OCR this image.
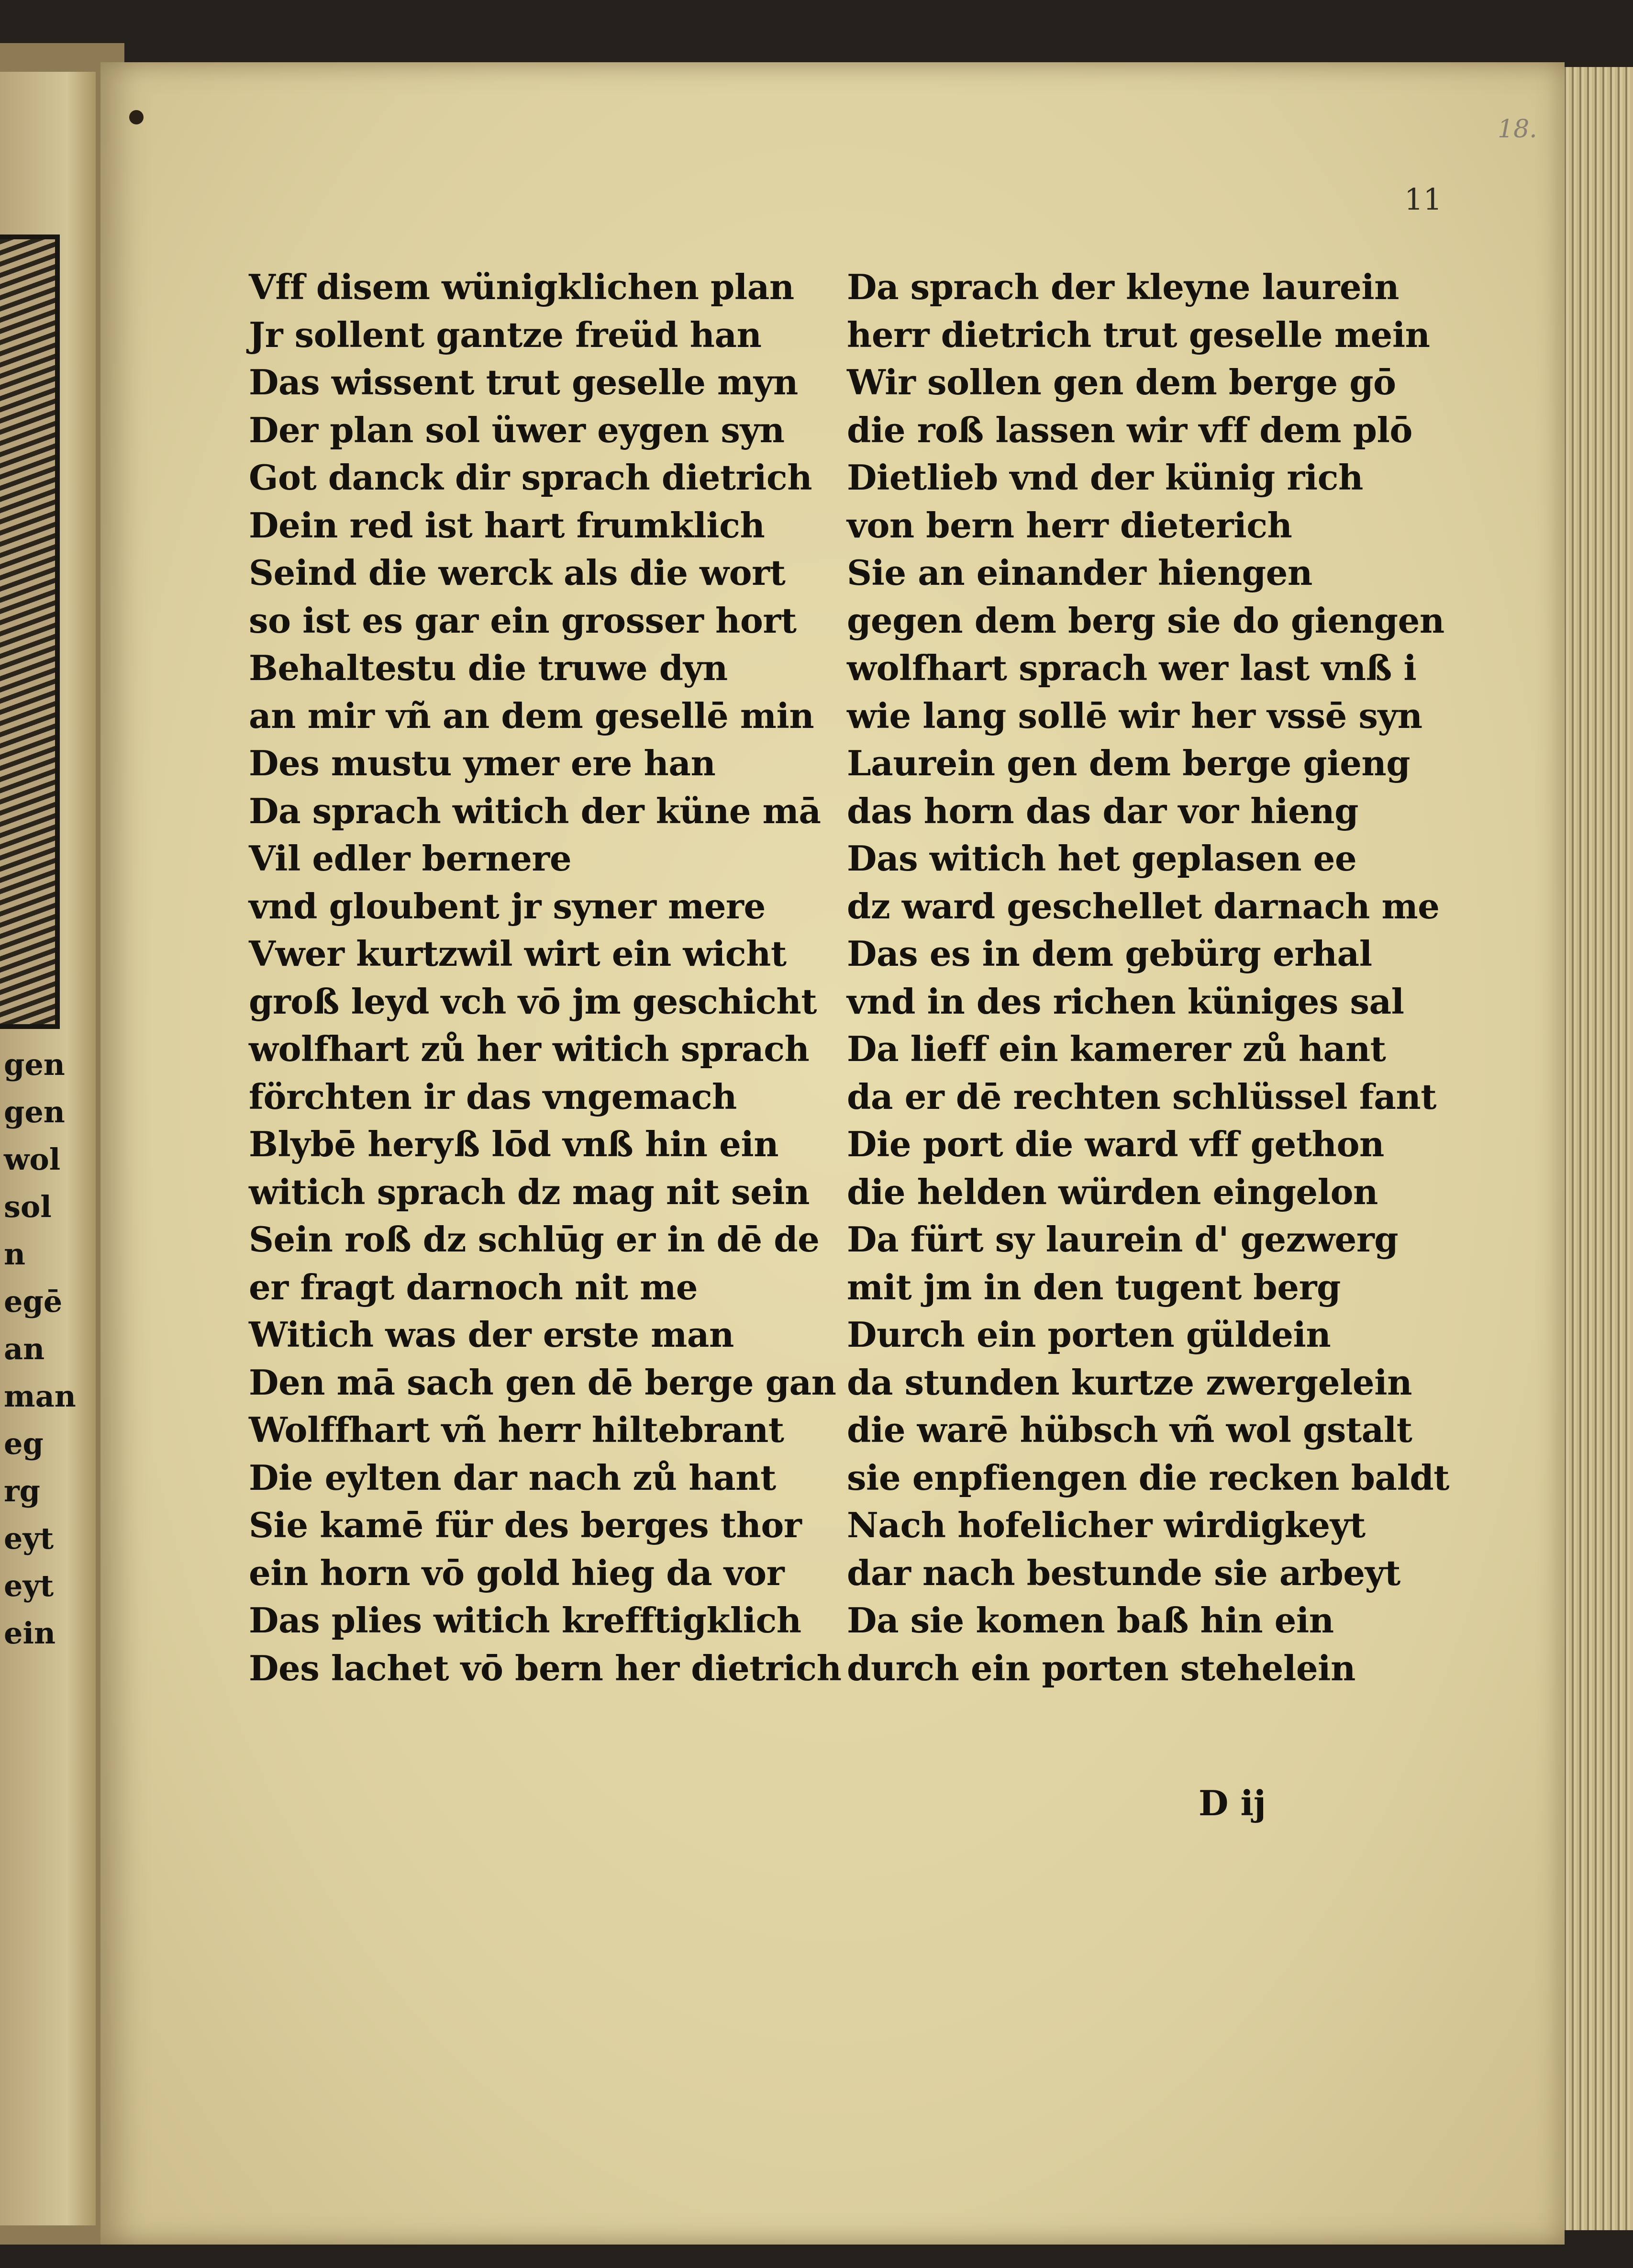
gen
gen
wol
sol
n
egē
an
man
eg
rg
eyt
eyt
ein
18.
11
Vff disem wünigklichen plan
Jr sollent gantze freüd han
Das wissent trut geselle myn
Der plan sol üwer eygen syn
Got danck dir sprach dietrich
Dein red ist hart frumklich
Seind die werck als die wort
so ist es gar ein grosser hort
Behaltestu die truwe dyn
an mir vñ an dem gesellē min
Des mustu ymer ere han
Da sprach witich der küne mā
Vil edler bernere
vnd gloubent jr syner mere
Vwer kurtzwil wirt ein wicht
groß leyd vch vō jm geschicht
wolfhart zů her witich sprach
förchten ir das vngemach
Blybē herуß lōd vnß hin ein
witich sprach dz mag nit sein
Sein roß dz schlūg er in dē de
er fragt darnoch nit me
Witich was der erste man
Den mā sach gen dē berge gan
Wolffhart vñ herr hiltebrant
Die eylten dar nach zů hant
Sie kamē für des berges thor
ein horn vō gold hieg da vor
Das plies witich krefftigklich
Des lachet vō bern her dietrich
Da sprach der kleyne laurein
herr dietrich trut geselle mein
Wir sollen gen dem berge gō
die roß lassen wir vff dem plō
Dietlieb vnd der künig rich
von bern herr dieterich
Sie an einander hiengen
gegen dem berg sie do giengen
wolfhart sprach wer last vnß i
wie lang sollē wir her vssē syn
Laurein gen dem berge gieng
das horn das dar vor hieng
Das witich het geplasen ee
dz ward geschellet darnach me
Das es in dem gebürg erhal
vnd in des richen küniges sal
Da lieff ein kamerer zů hant
da er dē rechten schlüssel fant
Die port die ward vff gethon
die helden würden eingelon
Da fürt sy laurein d' gezwerg
mit jm in den tugent berg
Durch ein porten güldein
da stunden kurtze zwergelein
die warē hübsch vñ wol gstalt
sie enpfiengen die recken baldt
Nach hofelicher wirdigkeyt
dar nach bestunde sie arbeyt
Da sie komen baß hin ein
durch ein porten stehelein
D ij
